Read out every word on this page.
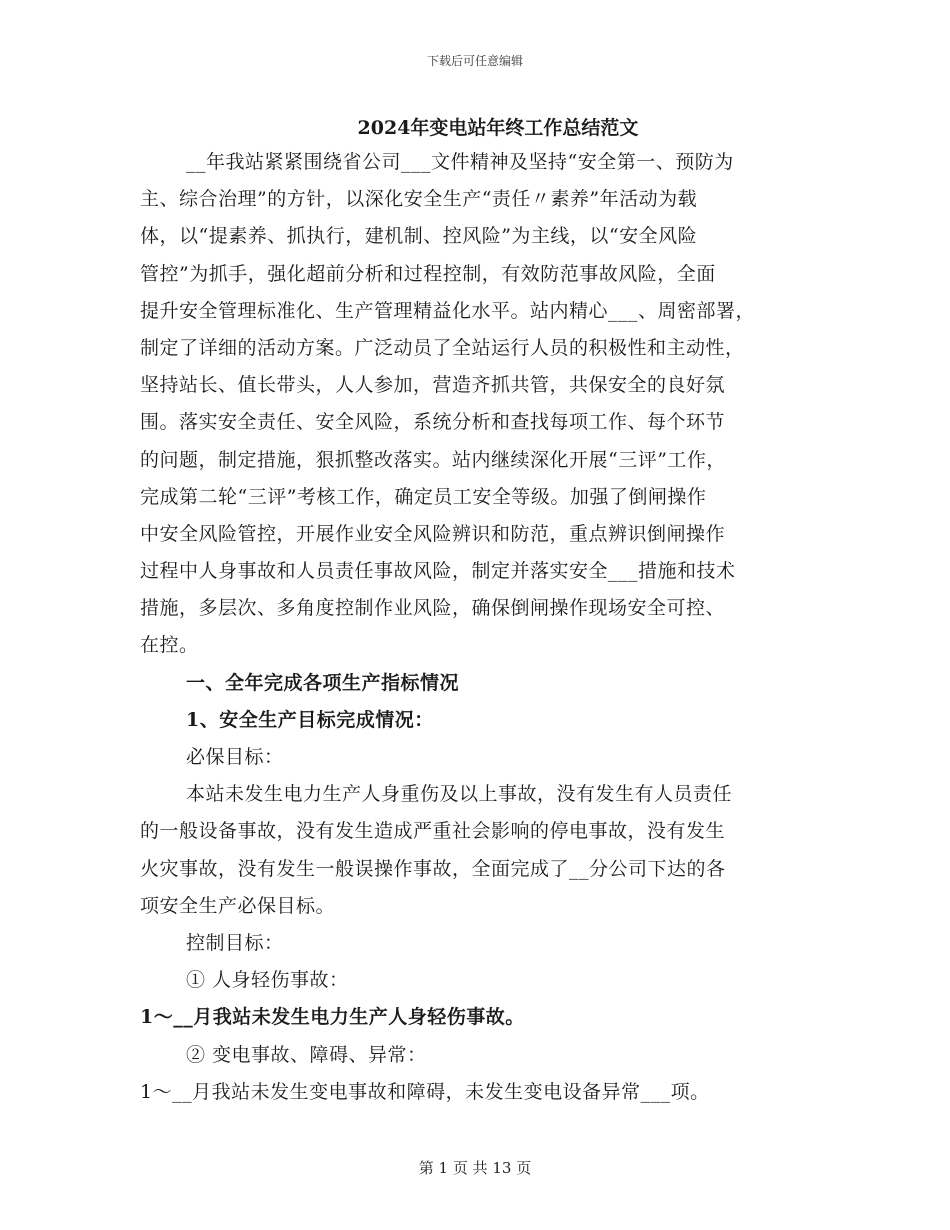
下载后可任意编辑
2024年变电站年终工作总结范文
__年我站紧紧围绕省公司___文件精神及坚持“安全第一、预防为
主、综合治理”的方针，以深化安全生产“责任〃素养”年活动为载
体，以“提素养、抓执行，建机制、控风险”为主线，以“安全风险
管控”为抓手，强化超前分析和过程控制，有效防范事故风险，全面
提升安全管理标准化、生产管理精益化水平。站内精心___、周密部署，
制定了详细的活动方案。广泛动员了全站运行人员的积极性和主动性，
坚持站长、值长带头，人人参加，营造齐抓共管，共保安全的良好氛
围。落实安全责任、安全风险，系统分析和查找每项工作、每个环节
的问题，制定措施，狠抓整改落实。站内继续深化开展“三评”工作，
完成第二轮“三评”考核工作，确定员工安全等级。加强了倒闸操作
中安全风险管控，开展作业安全风险辨识和防范，重点辨识倒闸操作
过程中人身事故和人员责任事故风险，制定并落实安全___措施和技术
措施，多层次、多角度控制作业风险，确保倒闸操作现场安全可控、
在控。
一、全年完成各项生产指标情况
1、安全生产目标完成情况：
必保目标：
本站未发生电力生产人身重伤及以上事故，没有发生有人员责任
的一般设备事故，没有发生造成严重社会影响的停电事故，没有发生
火灾事故，没有发生一般误操作事故，全面完成了__分公司下达的各
项安全生产必保目标。
控制目标：
① 人身轻伤事故：
1～__月我站未发生电力生产人身轻伤事故。
② 变电事故、障碍、异常：
1～__月我站未发生变电事故和障碍，未发生变电设备异常___项。
第 1 页 共 13 页
